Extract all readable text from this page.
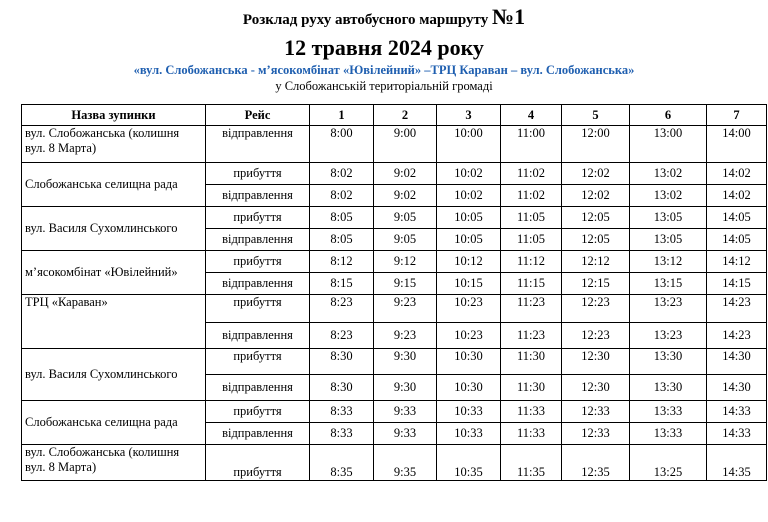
Розклад руху автобусного маршруту №1
12 травня 2024 року
«вул. Слобожанська - м’ясокомбінат «Ювілейний» –ТРЦ Караван – вул. Слобожанська»
у Слобожанській територіальній громаді
Назва зупинки	Рейс	1	2	3	4	5	6	7
вул. Слобожанська (колишня вул. 8 Марта)	відправлення	8:00	9:00	10:00	11:00	12:00	13:00	14:00
Слобожанська селищна рада	прибуття	8:02	9:02	10:02	11:02	12:02	13:02	14:02
	відправлення	8:02	9:02	10:02	11:02	12:02	13:02	14:02
вул. Василя Сухомлинського	прибуття	8:05	9:05	10:05	11:05	12:05	13:05	14:05
	відправлення	8:05	9:05	10:05	11:05	12:05	13:05	14:05
м’ясокомбінат «Ювілейний»	прибуття	8:12	9:12	10:12	11:12	12:12	13:12	14:12
	відправлення	8:15	9:15	10:15	11:15	12:15	13:15	14:15
ТРЦ «Караван»	прибуття	8:23	9:23	10:23	11:23	12:23	13:23	14:23
	відправлення	8:23	9:23	10:23	11:23	12:23	13:23	14:23
вул. Василя Сухомлинського	прибуття	8:30	9:30	10:30	11:30	12:30	13:30	14:30
	відправлення	8:30	9:30	10:30	11:30	12:30	13:30	14:30
Слобожанська селищна рада	прибуття	8:33	9:33	10:33	11:33	12:33	13:33	14:33
	відправлення	8:33	9:33	10:33	11:33	12:33	13:33	14:33
вул. Слобожанська (колишня вул. 8 Марта)	прибуття	8:35	9:35	10:35	11:35	12:35	13:25	14:35
